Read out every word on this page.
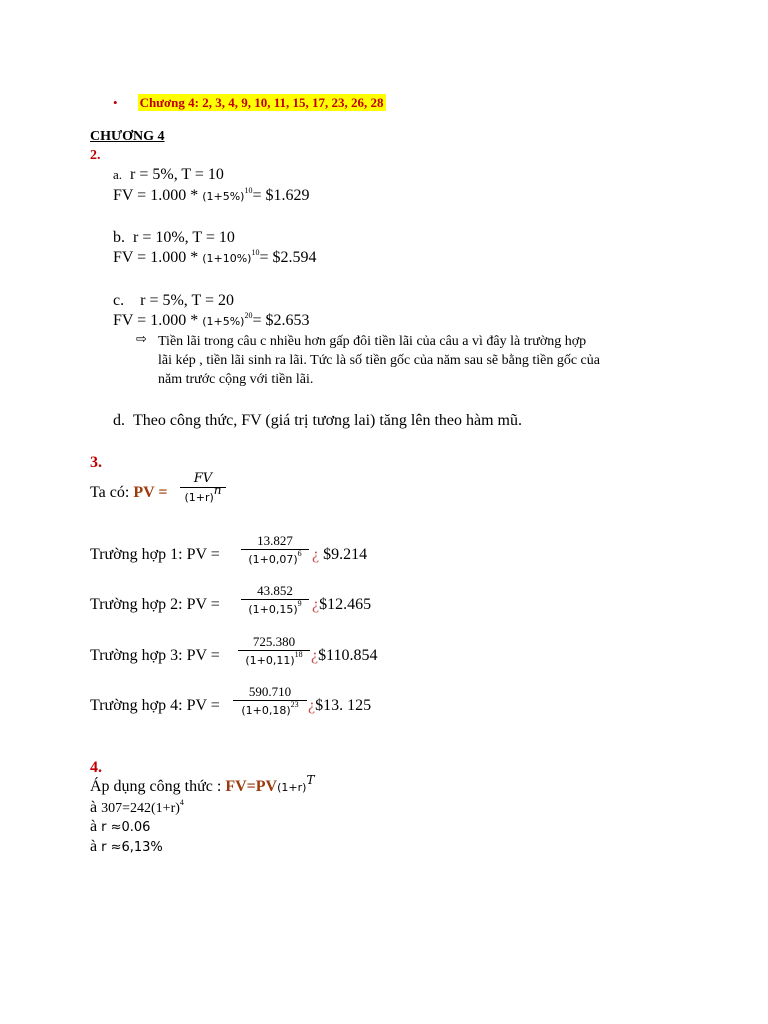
• Chương 4: 2, 3, 4, 9, 10, 11, 15, 17, 23, 26, 28
CHƯƠNG 4
2.
a. r = 5%, T = 10
FV = $1.000 * (1+5\%)^{10}=$ $1.629
b. r = 10%, T = 10
FV = $1.000 * (1+10\%)^{10}=$ $2.594
c. r = 5%, T = 20
FV = $1.000 * (1+5\%)^{20}=$ $2.653
⇨ Tiền lãi trong câu c nhiều hơn gấp đôi tiền lãi của câu a vì đây là trường hợp
lãi kép , tiền lãi sinh ra lãi. Tức là số tiền gốc của năm sau sẽ bằng tiền gốc của
năm trước cộng với tiền lãi.
d. Theo công thức, FV (giá trị tương lai) tăng lên theo hàm mũ.
3.
Ta có: PV = $\frac{FV}{(1+r)^n}$
Trường hợp 1: PV = $\frac{13.827}{(1+0,07)^6}$ ¿ $9.214
Trường hợp 2: PV = $\frac{43.852}{(1+0,15)^9}$ ¿$12.465
Trường hợp 3: PV = $\frac{725.380}{(1+0,11)^{18}}$ ¿$110.854
Trường hợp 4: PV = $\frac{590.710}{(1+0,18)^{23}}$ ¿$13. 125
4.
Áp dụng công thức : $FV=PV(1+r)^T$
à $307=242(1+r)^4$
à r ≈0.06
à r ≈6,13%
